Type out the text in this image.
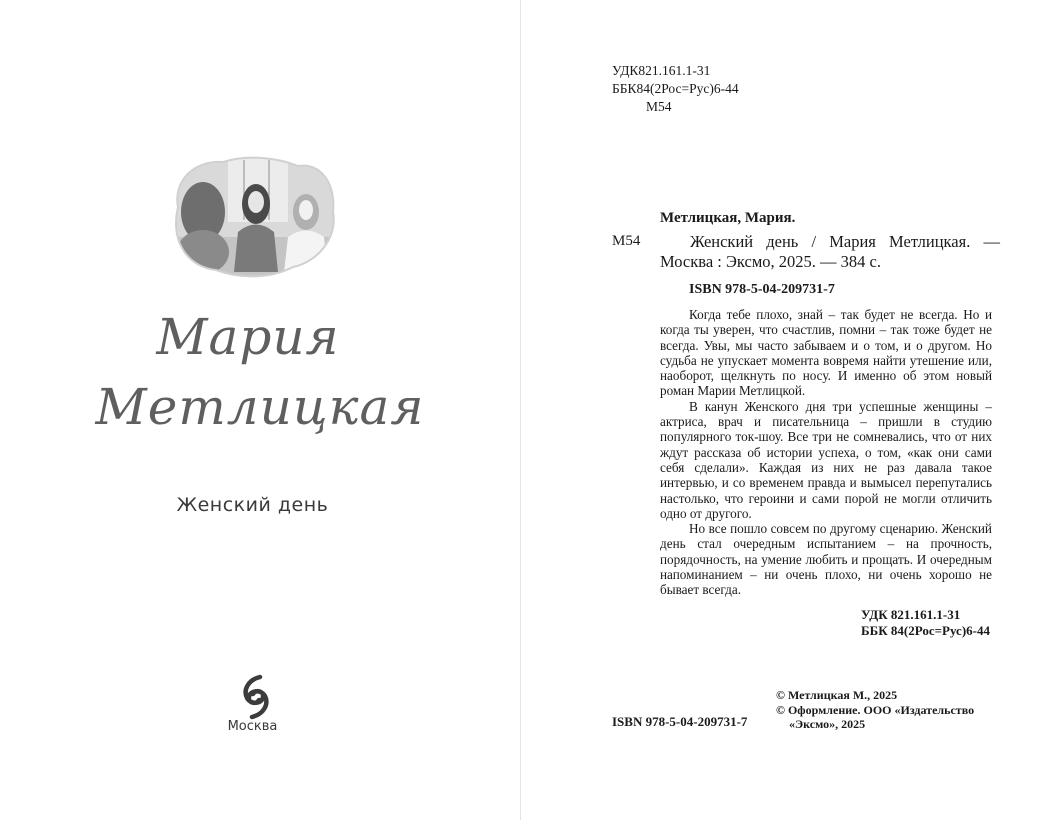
Мария
Метлицкая
Женский день
Москва
УДК821.161.1-31
ББК84(2Рос=Рус)6-44
М54
Метлицкая, Мария.
М54	Женский день / Мария Метлицкая. — Москва : Эксмо, 2025. — 384 с.
ISBN 978-5-04-209731-7

Когда тебе плохо, знай – так будет не всегда. Но и когда ты уверен, что счастлив, помни – так тоже будет не всегда. Увы, мы часто забываем и о том, и о другом. Но судьба не упускает момента вовремя найти утешение или, наоборот, щелкнуть по носу. И именно об этом новый роман Марии Метлицкой.

В канун Женского дня три успешные женщины – актриса, врач и писательница – пришли в студию популярного ток-шоу. Все три не сомневались, что от них ждут рассказа об истории успеха, о том, «как они сами себя сделали». Каждая из них не раз давала такое интервью, и со временем правда и вымысел перепутались настолько, что героини и сами порой не могли отличить одно от другого.

Но все пошло совсем по другому сценарию. Женский день стал очередным испытанием – на прочность, порядочность, на умение любить и прощать. И очередным напоминанием – ни очень плохо, ни очень хорошо не бывает всегда.

УДК 821.161.1-31
ББК 84(2Рос=Рус)6-44
© Метлицкая М., 2025
© Оформление. ООО «Издательство
«Эксмо», 2025
ISBN 978-5-04-209731-7
